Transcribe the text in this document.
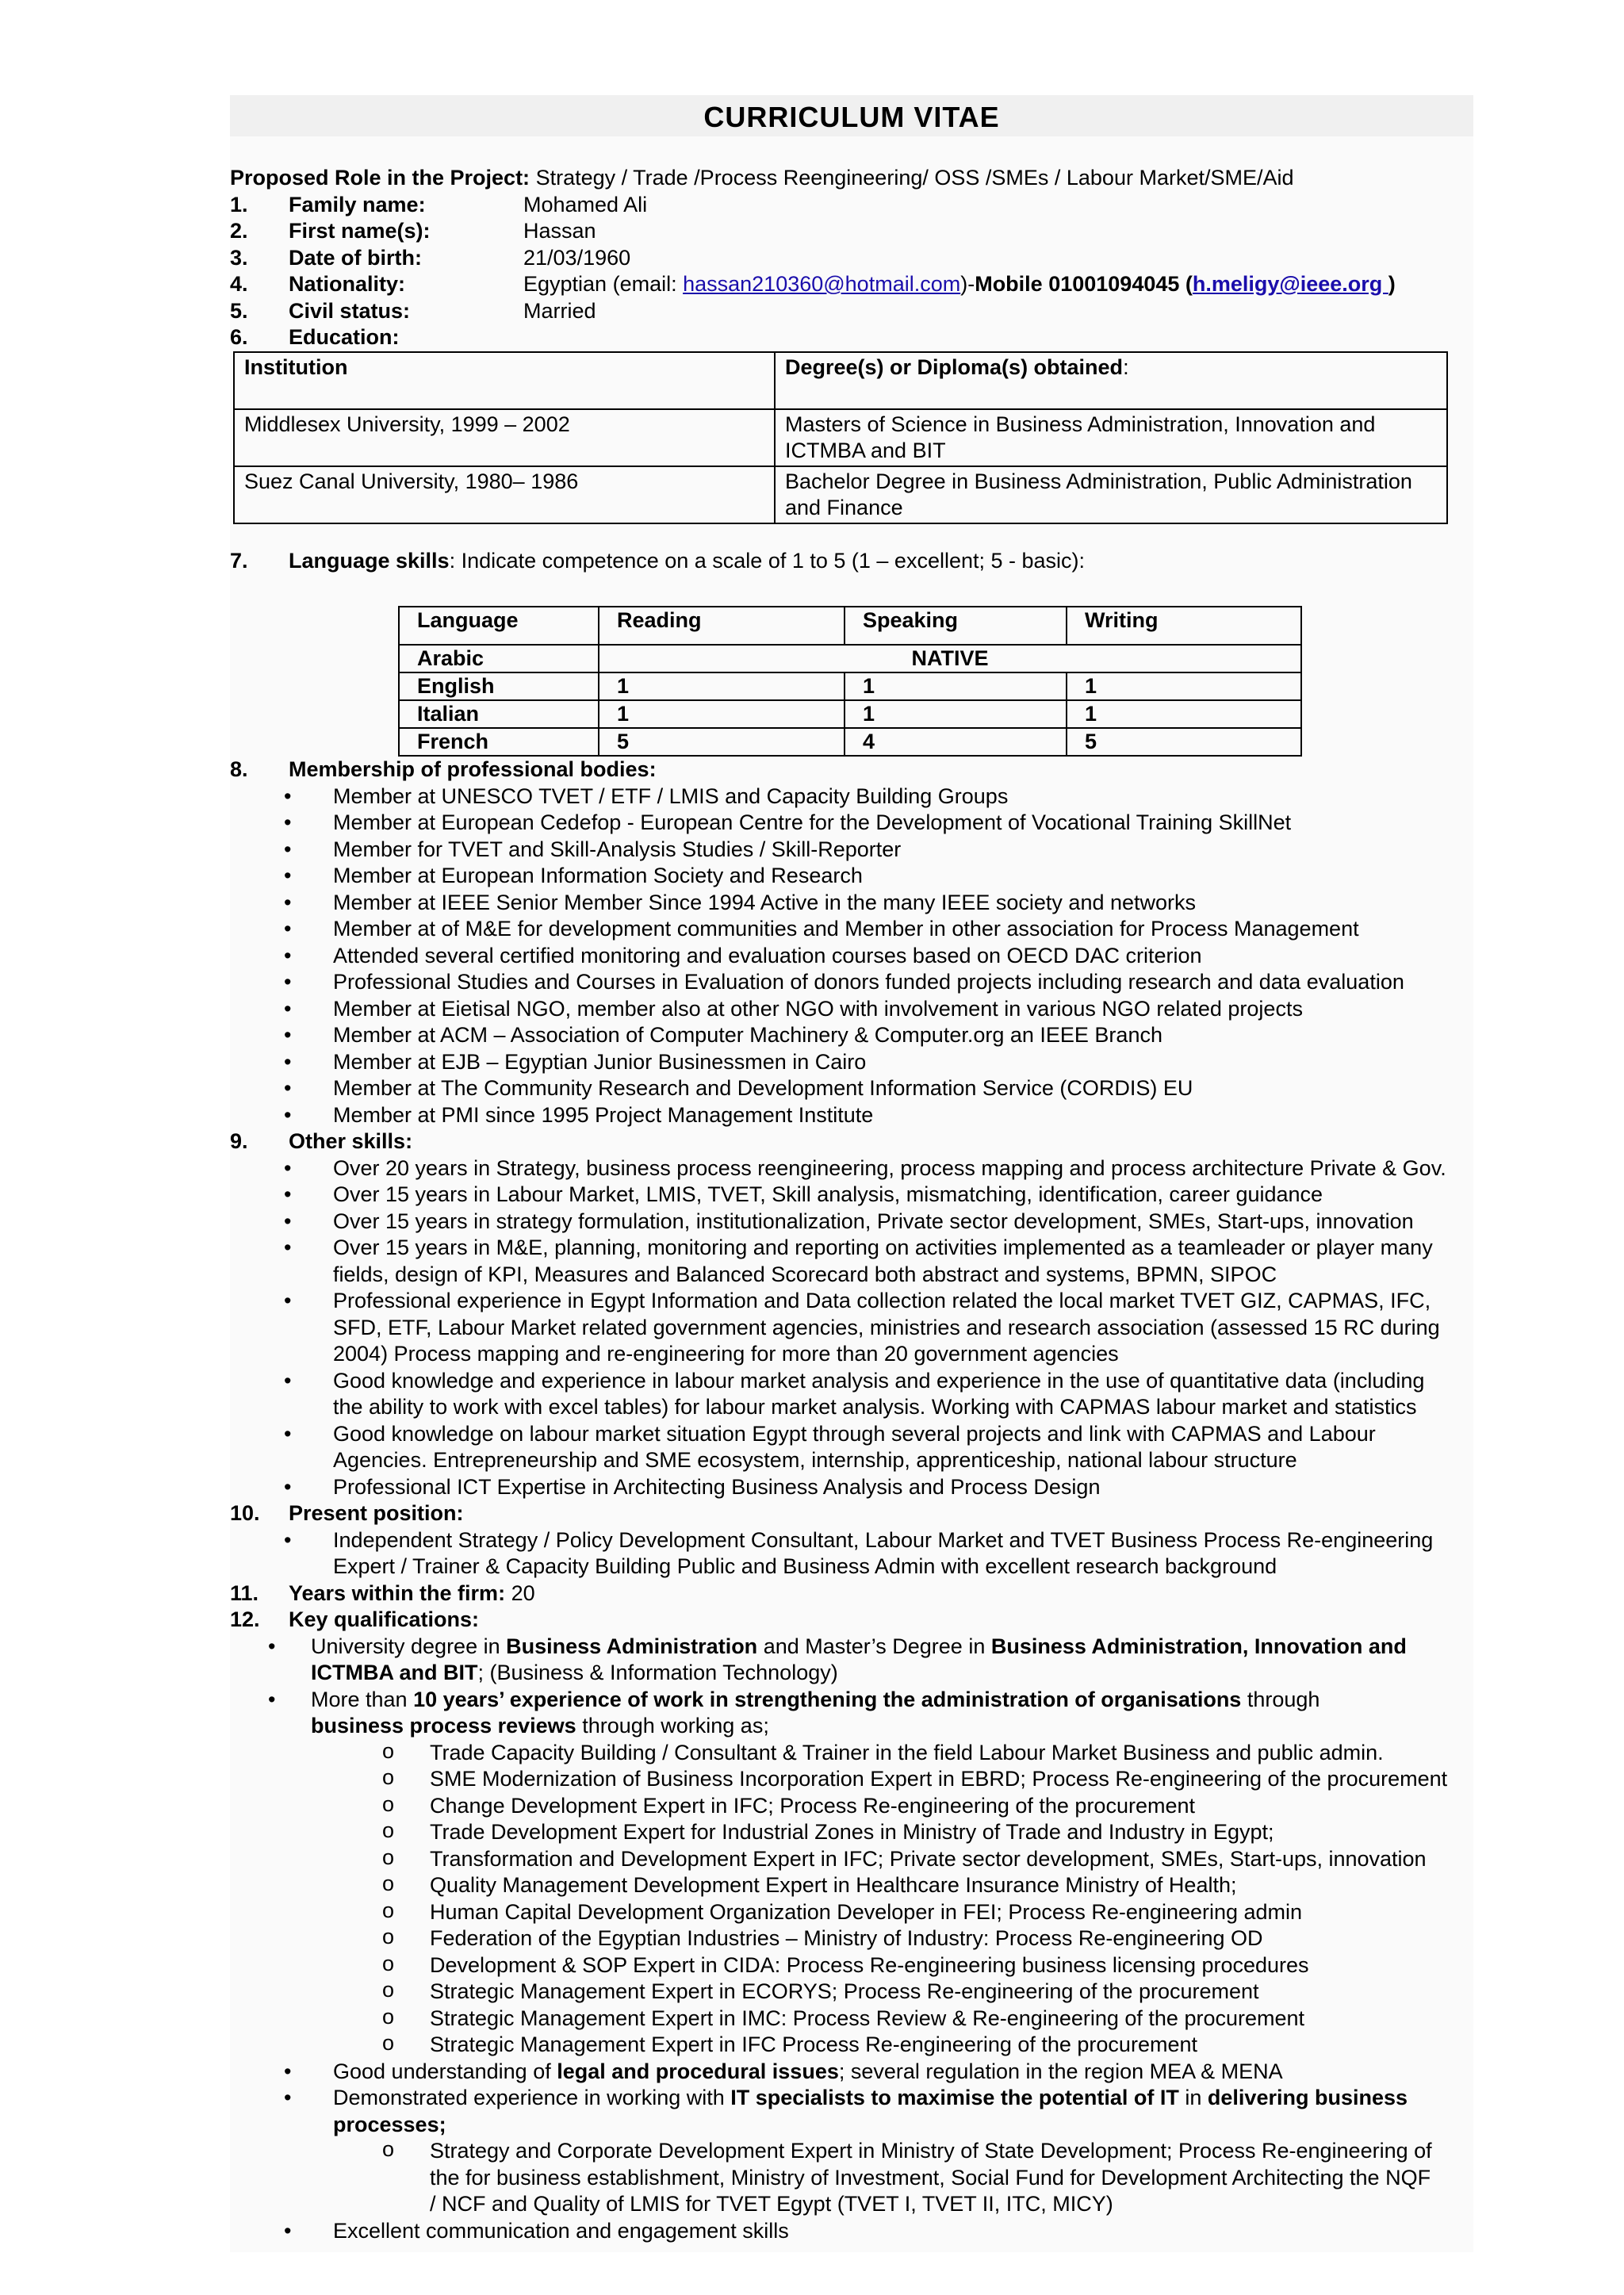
CURRICULUM VITAE
Proposed Role in the Project: Strategy / Trade /Process Reengineering/ OSS /SMEs / Labour Market/SME/Aid
1. Family name:	Mohamed Ali
2. First name(s):	Hassan
3. Date of birth:	21/03/1960
4. Nationality:	Egyptian (email: hassan210360@hotmail.com)-Mobile 01001094045 (h.meligy@ieee.org )
5. Civil status:	Married
6. Education:
Institution	Degree(s) or Diploma(s) obtained:
Middlesex University, 1999 – 2002	Masters of Science in Business Administration, Innovation and
ICTMBA and BIT

Suez Canal University, 1980– 1986	Bachelor Degree in Business Administration, Public Administration
and Finance
7. Language skills: Indicate competence on a scale of 1 to 5 (1 – excellent; 5 - basic):
Language	Reading	Speaking	Writing
Arabic	NATIVE		
English	1	1	1
Italian	1	1	1
French	5	4	5
8. Membership of professional bodies:
• Member at UNESCO TVET / ETF / LMIS and Capacity Building Groups
• Member at European Cedefop - European Centre for the Development of Vocational Training SkillNet
• Member for TVET and Skill-Analysis Studies / Skill-Reporter
• Member at European Information Society and Research
• Member at IEEE Senior Member Since 1994 Active in the many IEEE society and networks
• Member at of M&E for development communities and Member in other association for Process Management
• Attended several certified monitoring and evaluation courses based on OECD DAC criterion
• Professional Studies and Courses in Evaluation of donors funded projects including research and data evaluation
• Member at Eietisal NGO, member also at other NGO with involvement in various NGO related projects
• Member at ACM – Association of Computer Machinery & Computer.org an IEEE Branch
• Member at EJB – Egyptian Junior Businessmen in Cairo
• Member at The Community Research and Development Information Service (CORDIS) EU
• Member at PMI since 1995 Project Management Institute
9. Other skills:
• Over 20 years in Strategy, business process reengineering, process mapping and process architecture Private & Gov.
• Over 15 years in Labour Market, LMIS, TVET, Skill analysis, mismatching, identification, career guidance
• Over 15 years in strategy formulation, institutionalization, Private sector development, SMEs, Start-ups, innovation
• Over 15 years in M&E, planning, monitoring and reporting on activities implemented as a teamleader or player many
fields, design of KPI, Measures and Balanced Scorecard both abstract and systems, BPMN, SIPOC
• Professional experience in Egypt Information and Data collection related the local market TVET GIZ, CAPMAS, IFC,
SFD, ETF, Labour Market related government agencies, ministries and research association (assessed 15 RC during
2004) Process mapping and re-engineering for more than 20 government agencies
• Good knowledge and experience in labour market analysis and experience in the use of quantitative data (including
the ability to work with excel tables) for labour market analysis. Working with CAPMAS labour market and statistics
• Good knowledge on labour market situation Egypt through several projects and link with CAPMAS and Labour
Agencies. Entrepreneurship and SME ecosystem, internship, apprenticeship, national labour structure
• Professional ICT Expertise in Architecting Business Analysis and Process Design
10. Present position:
• Independent Strategy / Policy Development Consultant, Labour Market and TVET Business Process Re-engineering
Expert / Trainer & Capacity Building Public and Business Admin with excellent research background
11. Years within the firm: 20
12. Key qualifications:
• University degree in Business Administration and Master’s Degree in Business Administration, Innovation and
ICTMBA and BIT; (Business & Information Technology)
• More than 10 years’ experience of work in strengthening the administration of organisations through
business process reviews through working as;
o Trade Capacity Building / Consultant & Trainer in the field Labour Market Business and public admin.
o SME Modernization of Business Incorporation Expert in EBRD; Process Re-engineering of the procurement
o Change Development Expert in IFC; Process Re-engineering of the procurement
o Trade Development Expert for Industrial Zones in Ministry of Trade and Industry in Egypt;
o Transformation and Development Expert in IFC; Private sector development, SMEs, Start-ups, innovation
o Quality Management Development Expert in Healthcare Insurance Ministry of Health;
o Human Capital Development Organization Developer in FEI; Process Re-engineering admin
o Federation of the Egyptian Industries – Ministry of Industry: Process Re-engineering OD
o Development & SOP Expert in CIDA: Process Re-engineering business licensing procedures
o Strategic Management Expert in ECORYS; Process Re-engineering of the procurement
o Strategic Management Expert in IMC: Process Review & Re-engineering of the procurement
o Strategic Management Expert in IFC Process Re-engineering of the procurement
• Good understanding of legal and procedural issues; several regulation in the region MEA & MENA
• Demonstrated experience in working with IT specialists to maximise the potential of IT in delivering business
processes;
o Strategy and Corporate Development Expert in Ministry of State Development; Process Re-engineering of
the for business establishment, Ministry of Investment, Social Fund for Development Architecting the NQF
/ NCF and Quality of LMIS for TVET Egypt (TVET I, TVET II, ITC, MICY)
• Excellent communication and engagement skills
